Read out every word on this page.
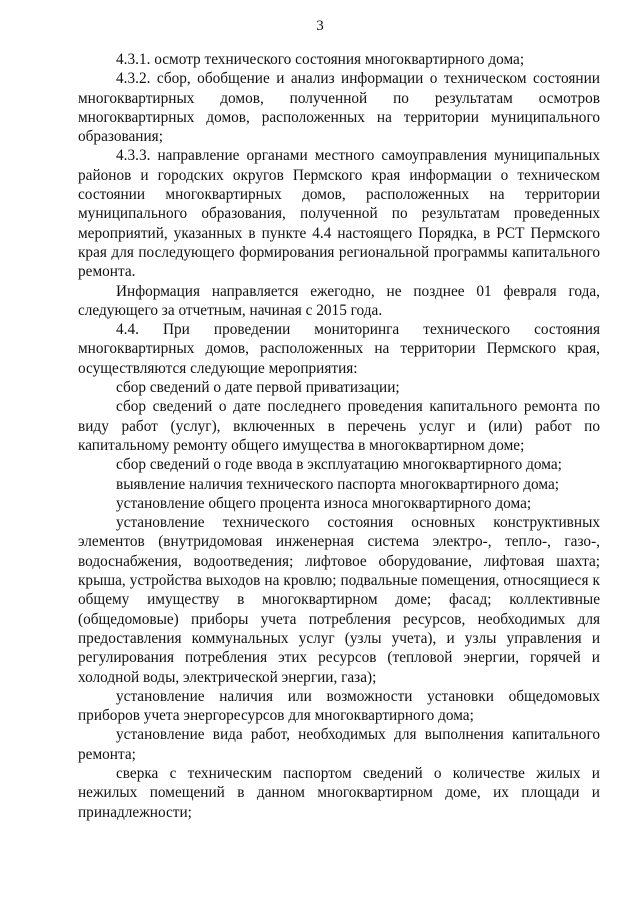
3

4.3.1. осмотр технического состояния многоквартирного дома;

4.3.2. сбор, обобщение и анализ информации о техническом состоянии многоквартирных домов, полученной по результатам осмотров многоквартирных домов, расположенных на территории муниципального образования;

4.3.3. направление органами местного самоуправления муниципальных районов и городских округов Пермского края информации о техническом состоянии многоквартирных домов, расположенных на территории муниципального образования, полученной по результатам проведенных мероприятий, указанных в пункте 4.4 настоящего Порядка, в РСТ Пермского края для последующего формирования региональной программы капитального ремонта.

Информация направляется ежегодно, не позднее 01 февраля года, следующего за отчетным, начиная с 2015 года.

4.4. При проведении мониторинга технического состояния многоквартирных домов, расположенных на территории Пермского края, осуществляются следующие мероприятия:

сбор сведений о дате первой приватизации;

сбор сведений о дате последнего проведения капитального ремонта по виду работ (услуг), включенных в перечень услуг и (или) работ по капитальному ремонту общего имущества в многоквартирном доме;

сбор сведений о годе ввода в эксплуатацию многоквартирного дома;

выявление наличия технического паспорта многоквартирного дома;

установление общего процента износа многоквартирного дома;

установление технического состояния основных конструктивных элементов (внутридомовая инженерная система электро-, тепло-, газо-, водоснабжения, водоотведения; лифтовое оборудование, лифтовая шахта; крыша, устройства выходов на кровлю; подвальные помещения, относящиеся к общему имуществу в многоквартирном доме; фасад; коллективные (общедомовые) приборы учета потребления ресурсов, необходимых для предоставления коммунальных услуг (узлы учета), и узлы управления и регулирования потребления этих ресурсов (тепловой энергии, горячей и холодной воды, электрической энергии, газа);

установление наличия или возможности установки общедомовых приборов учета энергоресурсов для многоквартирного дома;

установление вида работ, необходимых для выполнения капитального ремонта;

сверка с техническим паспортом сведений о количестве жилых и нежилых помещений в данном многоквартирном доме, их площади и принадлежности;
